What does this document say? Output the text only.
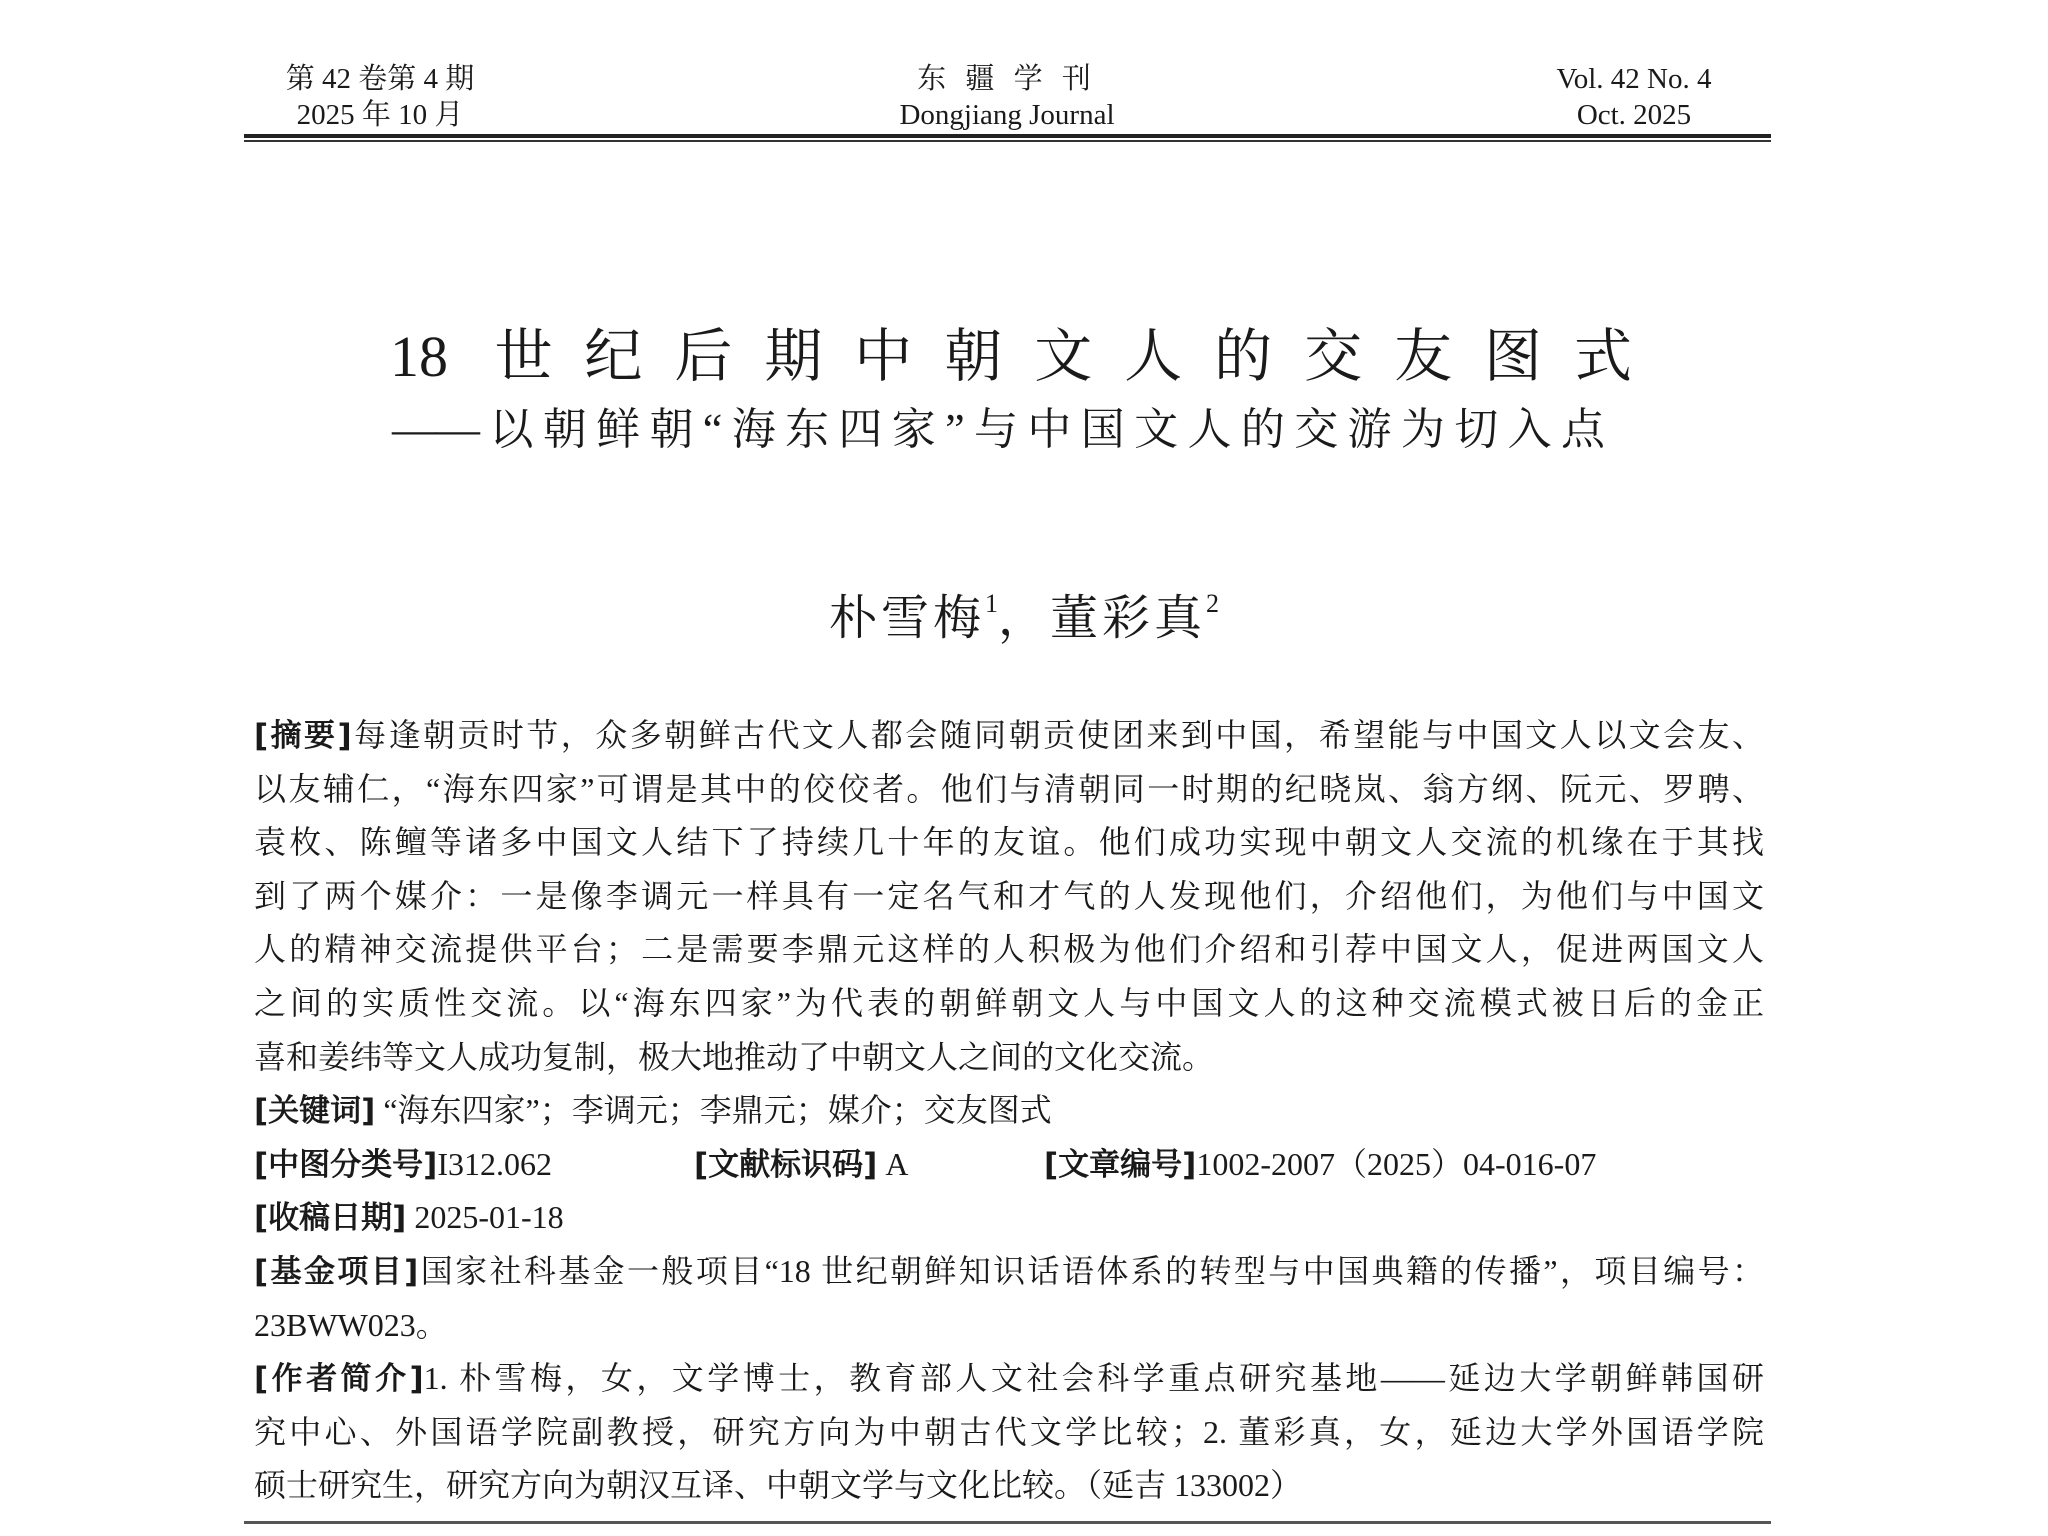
第 42 卷第 4 期
2025 年 10 月
东 疆 学 刊
Dongjiang Journal
Vol. 42 No. 4
Oct. 2025
18 世纪后期中朝文人的交友图式
——以朝鲜朝“海东四家”与中国文人的交游为切入点
朴雪梅$^1$，董彩真$^2$
[摘要]每逢朝贡时节，众多朝鲜古代文人都会随同朝贡使团来到中国，希望能与中国文人以文会友、
以友辅仁，“海东四家”可谓是其中的佼佼者。他们与清朝同一时期的纪晓岚、翁方纲、阮元、罗聘、
袁枚、陈鳣等诸多中国文人结下了持续几十年的友谊。他们成功实现中朝文人交流的机缘在于其找
到了两个媒介：一是像李调元一样具有一定名气和才气的人发现他们，介绍他们，为他们与中国文
人的精神交流提供平台；二是需要李鼎元这样的人积极为他们介绍和引荐中国文人，促进两国文人
之间的实质性交流。以“海东四家”为代表的朝鲜朝文人与中国文人的这种交流模式被日后的金正
喜和姜纬等文人成功复制，极大地推动了中朝文人之间的文化交流。
[关键词] “海东四家”；李调元；李鼎元；媒介；交友图式
[中图分类号]I312.062	[文献标识码] A	[文章编号]1002-2007（2025）04-016-07
[收稿日期] 2025-01-18
[基金项目]国家社科基金一般项目“18 世纪朝鲜知识话语体系的转型与中国典籍的传播”，项目编号：
23BWW023。
[作者简介]1. 朴雪梅，女，文学博士，教育部人文社会科学重点研究基地——延边大学朝鲜韩国研
究中心、外国语学院副教授，研究方向为中朝古代文学比较；2. 董彩真，女，延边大学外国语学院
硕士研究生，研究方向为朝汉互译、中朝文学与文化比较。（延吉 133002）
